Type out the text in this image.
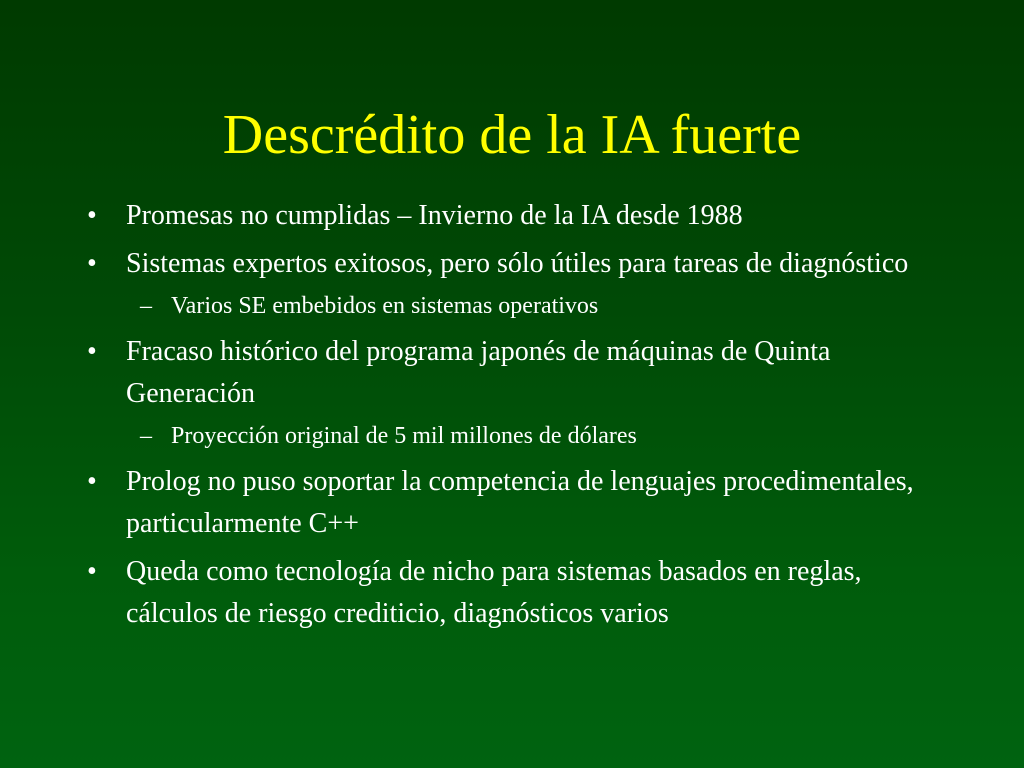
Descrédito de la IA fuerte
• Promesas no cumplidas – Invierno de la IA desde 1988
• Sistemas expertos exitosos, pero sólo útiles para tareas de diagnóstico
– Varios SE embebidos en sistemas operativos
• Fracaso histórico del programa japonés de máquinas de Quinta Generación
– Proyección original de 5 mil millones de dólares
• Prolog no puso soportar la competencia de lenguajes procedimentales, particularmente C++
• Queda como tecnología de nicho para sistemas basados en reglas, cálculos de riesgo crediticio, diagnósticos varios
